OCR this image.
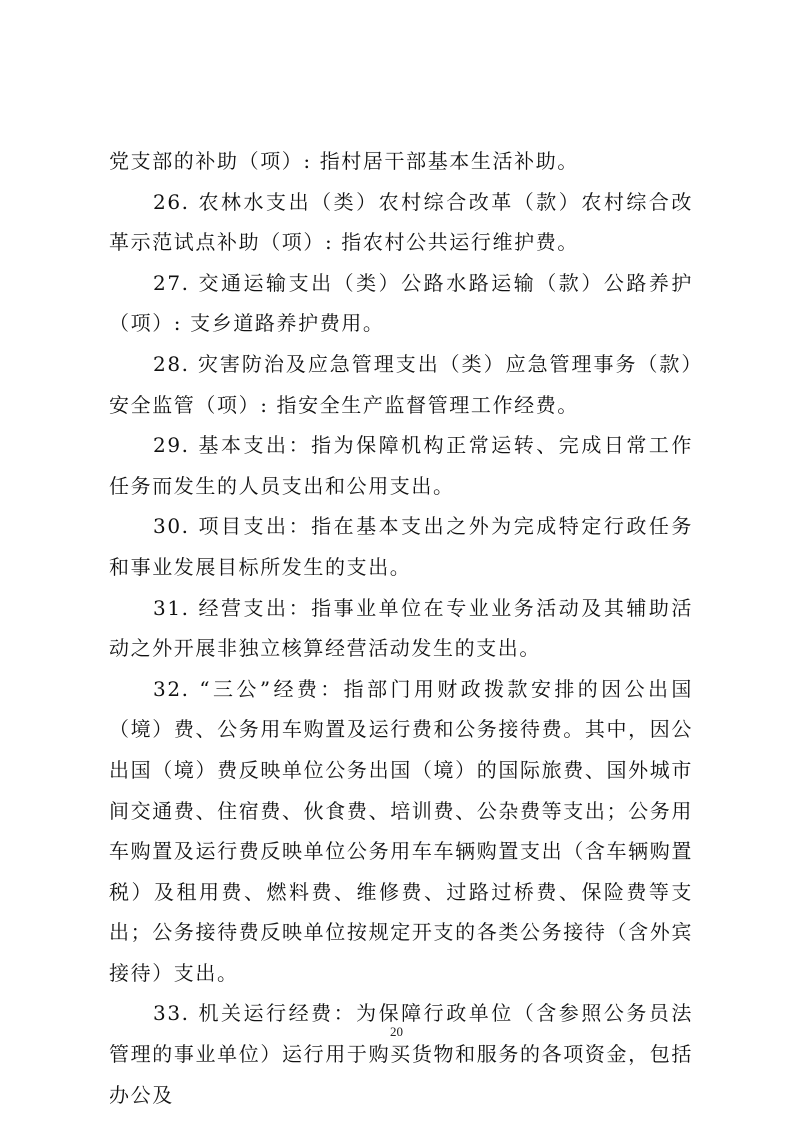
党支部的补助（项）: 指村居干部基本生活补助。

26. 农林水支出（类）农村综合改革（款）农村综合改革示范试点补助（项）: 指农村公共运行维护费。

27. 交通运输支出（类）公路水路运输（款）公路养护（项）: 支乡道路养护费用。

28. 灾害防治及应急管理支出（类）应急管理事务（款）安全监管（项）: 指安全生产监督管理工作经费。

29. 基本支出：指为保障机构正常运转、完成日常工作任务而发生的人员支出和公用支出。

30. 项目支出：指在基本支出之外为完成特定行政任务和事业发展目标所发生的支出。

31. 经营支出：指事业单位在专业业务活动及其辅助活动之外开展非独立核算经营活动发生的支出。

32. “三公”经费：指部门用财政拨款安排的因公出国（境）费、公务用车购置及运行费和公务接待费。其中，因公出国（境）费反映单位公务出国（境）的国际旅费、国外城市间交通费、住宿费、伙食费、培训费、公杂费等支出；公务用车购置及运行费反映单位公务用车车辆购置支出（含车辆购置税）及租用费、燃料费、维修费、过路过桥费、保险费等支出；公务接待费反映单位按规定开支的各类公务接待（含外宾接待）支出。

33. 机关运行经费：为保障行政单位（含参照公务员法管理的事业单位）运行用于购买货物和服务的各项资金，包括办公及

20
